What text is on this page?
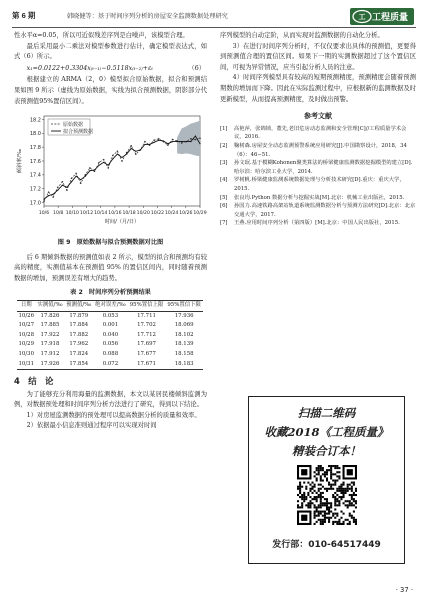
第 6 期	韩晓健等：基于时间序列分析的房屋安全监测数据处理研究	工 工程质量

性水平α=0.05，所以可近似残差序列是白噪声，该模型合理。

最后采用最小二乘法对模型参数进行估计，确定模型表达式，如式（6）所示。

x₁=0.0122+0.3304x₍ₜ₋₁₎−0.5118x₍ₜ₋₂₎+εₜ	（6）

根据建立的 ARMA（2，0）模型拟合原始数据，拟合和预测结果如图 9 所示（虚线为原始数据，实线为拟合预测数据，阴影部分代表预测值95%置信区间）。

17.0
17.2
17.4
17.6
17.8
18.0
18.2
10/6 10/8 10/10 10/12 10/14 10/16 10/18 10/20 10/22 10/24 10/26 10/29
原始数据
拟合预测数据
时间/（月/日）
倾斜率/‰
图 9　原始数据与拟合预测数据对比图

后 6 期倾斜数据的预测值如表 2 所示，模型的拟合和预测均有较高的精度，实测值基本在预测值 95% 的置信区间内，同时随着预测数据的增加，预测误差有增大的趋势。

表 2　时间序列分析预测结果
日期	实测值/‰	预测值/‰	绝对误差/‰	95%置信上限	95%置信下限
10/26	17.826	17.879	0.053	17.711	17.936
10/27	17.885	17.884	0.001	17.702	18.069
10/28	17.922	17.882	0.040	17.712	18.102
10/29	17.918	17.962	0.056	17.697	18.139
10/30	17.912	17.824	0.088	17.677	18.158
10/31	17.926	17.854	0.072	17.671	18.183
4　结　论

为了能够充分利用海量的监测数据，本文以某居民楼倾斜监测为例，对数据预处理和时间序列分析方法进行了研究，得到以下结论。

1）对房屋监测数据的预处理可以提高数据分析的质量和效率。

2）依据最小信息准则通过程序可以实现对时间

序列模型的自动定阶，从而实现对监测数据的自动化分析。

3）在进行时间序列分析时，不仅仅要求出具体的预测值，更要得到预测值合理的置信区间。如果下一期的实测数据超过了这个置信区间，可视为异常情况，应当引起分析人员的注意。

4）时间序列模型具有较高的短期预测精度，预测精度会随着预测期数的增加而下降。因此在实际监测过程中，应根据新的监测数据及时更新模型，从而提高预测精度，及时做出预警。

参考文献
[1] 高艳萍，张锦锁，董先,老旧危房动态监测和安全管理[C]//工程质量学术会议，2016.
[2] 鞠树森.房屋安全动态监测预警系统应用研究[J].中国勘察设计，2018，34（6）：46−51.
[3] 孙文珉.基于模糊Kohonen聚类算法的桥梁健康监测数据挖掘模型的建立[D].哈尔滨：哈尔滨工业大学，2014.
[4] 罗树帆.桥梁健康监测系统数据处理与分析技术研究[D].重庆：重庆大学，2015.
[5] 张良均.Python 数据分析与挖掘实战[M].北京：机械工业出版社，2015.
[6] 孙国力.高速铁路高架站轨道系统监测数据分析与预测方法研究[D].北京：北京交通大学，2017.
[7] 王燕.应用时间序列分析（第四版）[M].北京：中国人民出版社，2015.
扫描二维码
收藏2018《工程质量》
精装合订本！
发行部：010-64517449
· 37 ·
